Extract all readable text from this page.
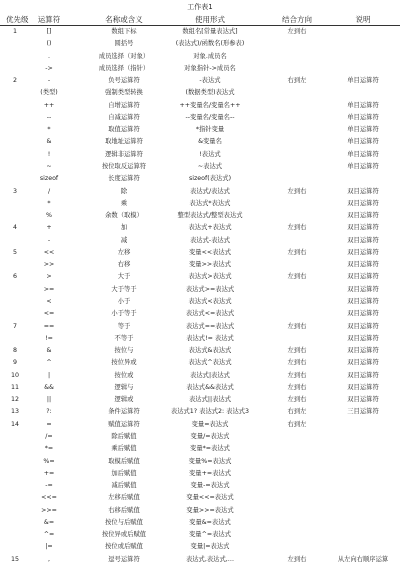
工作表1
优先级	运算符	名称或含义	使用形式	结合方向	说明
1	[]	数组下标	数组名[常量表达式]	左到右
()	圆括号	(表达式)/函数名(形参表)
.	成员选择（对象）	对象.成员名
->	成员选择（指针）	对象指针->成员名
2	-	负号运算符	-表达式	右到左	单目运算符
(类型)	强制类型转换	(数据类型)表达式
++	自增运算符	++变量名/变量名++	单目运算符
--	自减运算符	--变量名/变量名--	单目运算符
*	取值运算符	*指针变量	单目运算符
&	取地址运算符	&变量名	单目运算符
!	逻辑非运算符	!表达式	单目运算符
~	按位取反运算符	~表达式	单目运算符
sizeof	长度运算符	sizeof(表达式)
3	/	除	表达式/表达式	左到右	双目运算符
*	乘	表达式*表达式	双目运算符
%	余数（取模）	整型表达式/整型表达式	双目运算符
4	+	加	表达式+表达式	左到右	双目运算符
-	减	表达式-表达式	双目运算符
5	<<	左移	变量<<表达式	左到右	双目运算符
>>	右移	变量>>表达式	双目运算符
6	>	大于	表达式>表达式	左到右	双目运算符
>=	大于等于	表达式>=表达式	双目运算符
<	小于	表达式<表达式	双目运算符
<=	小于等于	表达式<=表达式	双目运算符
7	==	等于	表达式==表达式	左到右	双目运算符
!=	不等于	表达式!= 表达式	双目运算符
8	&	按位与	表达式&表达式	左到右	双目运算符
9	^	按位异或	表达式^表达式	左到右	双目运算符
10	|	按位或	表达式|表达式	左到右	双目运算符
11	&&	逻辑与	表达式&&表达式	左到右	双目运算符
12	||	逻辑或	表达式||表达式	左到右	双目运算符
13	?:	条件运算符	表达式1? 表达式2: 表达式3	右到左	三目运算符
14	=	赋值运算符	变量=表达式	右到左
/=	除后赋值	变量/=表达式
*=	乘后赋值	变量*=表达式
%=	取模后赋值	变量%=表达式
+=	加后赋值	变量+=表达式
-=	减后赋值	变量-=表达式
<<=	左移后赋值	变量<<=表达式
>>=	右移后赋值	变量>>=表达式
&=	按位与后赋值	变量&=表达式
^=	按位异或后赋值	变量^=表达式
|=	按位或后赋值	变量|=表达式
15	,	逗号运算符	表达式,表达式,…	左到右	从左向右顺序运算
